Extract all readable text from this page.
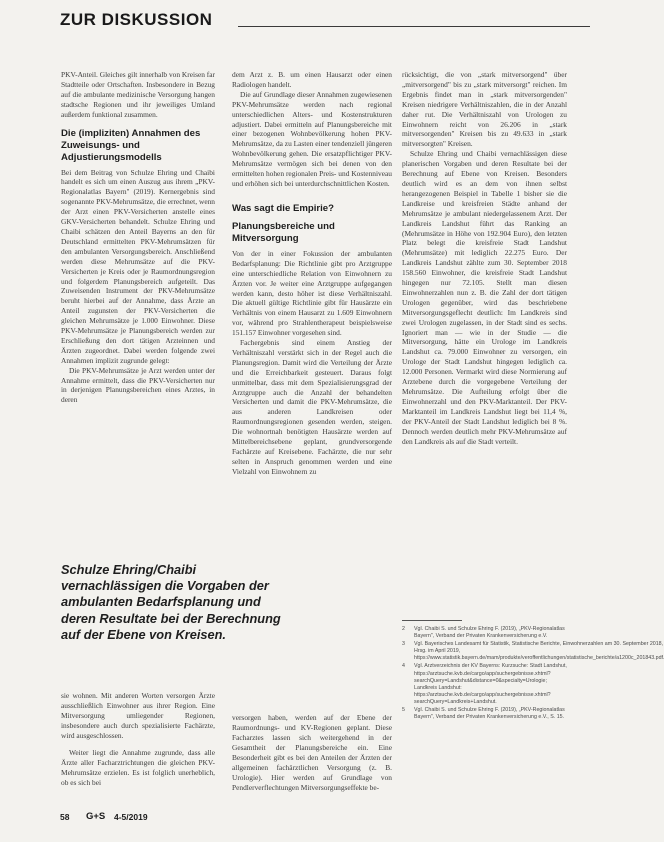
ZUR DISKUSSION

PKV-Anteil. Gleiches gilt innerhalb von Kreisen far Stadtteile oder Ortschaften. Insbesondere in Bezug auf die ambulante medizinische Versorgung hangen stadtsche Regionen und ihr jeweiliges Umland außerdem funktional zusammen.

Die (impliziten) Annahmen des Zuweisungs- und Adjustierungsmodells

Bei dem Beitrag von Schulze Ehring und Chaibi handelt es sich um einen Auszug aus ihrem „PKV-Regionalatlas Bayern" (2019). Kernergebnis sind sogenannte PKV-Mehrumsätze, die errechnet, wenn der Arzt einen PKV-Versicherten anstelle eines GKV-Versicherten behandelt. Schulze Ehring und Chaibi schätzen den Anteil Bayerns an den für Deutschland ermittelten PKV-Mehrumsätzen für den ambulanten Versorgungsbereich. Anschließend werden diese Mehrumsätze auf die PKV-Versicherten je Kreis oder je Raumordnungsregion und folgerdem Planungsbereich aufgeteilt. Das Zuweisenden Instrument der PKV-Mehrumsätze beruht hierbei auf der Annahme, dass Ärzte an Anteil zugunsten der PKV-Versicherten die gleichen Mehrumsätze je 1.000 Einwohner. Diese PKV-Mehrumsätze je Planungsbereich werden zur Erschließung den dort tätigen Arzteinnen und Ärzten zugeordnet. Dabei werden folgende zwei Annahmen implizit zugrunde gelegt:

Die PKV-Mehrumsätze je Arzt werden unter der Annahme ermittelt, dass die PKV-Versicherten nur in derjenigen Planungsbereichen eines Arztes, in deren

Schulze Ehring/Chaibi vernachlässigen die Vorgaben der ambulanten Bedarfsplanung und deren Resultate bei der Berechnung auf der Ebene von Kreisen.

sie wohnen. Mit anderen Worten versorgen Ärzte ausschließlich Einwohner aus ihrer Region. Eine Mitversorgung umliegender Regionen, insbesondere auch durch spezialisierte Fachärzte, wird ausgeschlossen.

Weiter liegt die Annahme zugrunde, dass alle Ärzte aller Facharztrichtungen die gleichen PKV-Mehrumsätze erzielen. Es ist folglich unerheblich, ob es sich bei

dem Arzt z. B. um einen Hausarzt oder einen Radiologen handelt.

Die auf Grundlage dieser Annahmen zugewiesenen PKV-Mehrumsätze werden nach regional unterschiedlichen Alters- und Kostenstrukturen adjustiert. Dabei ermitteln auf Planungsbereiche mit einer bezogenen Wohnbevölkerung hohen PKV-Mehrumsätze, da zu Lasten einer tendenziell jüngeren Wohnbevölkerung gehen. Die ersatzpflichtiger PKV-Mehrumsätze vermögen sich bei denen von den ermittelten hohen regionalen Preis- und Kostenniveau und erhöhen sich bei unterdurchschnittlichen Kosten.

Was sagt die Empirie?
Planungsbereiche und Mitversorgung

Von der in einer Fokussion der ambulanten Bedarfsplanung: Die Richtlinie gibt pro Arztgruppe eine unterschiedliche Relation von Einwohnern zu Ärzten vor. Je weiter eine Arztgruppe aufgegangen werden kann, desto höher ist diese Verhältniszahl. Die aktuell gültige Richtlinie gibt für Hausärzte ein Verhältnis von einem Hausarzt zu 1.609 Einwohnern vor, während pro Strahlentherapeut beispielsweise 151.157 Einwohner vorgesehen sind.

Fachergebnis sind einem Anstieg der Verhältniszahl verstärkt sich in der Regel auch die Planungsregion. Damit wird die Verteilung der Ärzte und die Erreichbarkeit gesteuert. Daraus folgt unmittelbar, dass mit dem Spezialisierungsgrad der Arztgruppe auch die Anzahl der behandelten Versicherten und damit die PKV-Mehrumsätze, die aus anderen Landkreisen oder Raumordnungsregionen gesenden werden, steigen. Die wohnortnah benötigten Hausärzte werden auf Mittelbereichsebene geplant, grundversorgende Fachärzte auf Kreisebene. Fachärzte, die nur sehr selten in Anspruch genommen werden und eine Vielzahl von Einwohnern zu

versorgen haben, werden auf der Ebene der Raumordnungs- und KV-Regionen geplant. Diese Facharztes lassen sich weitergehend in der Gesamtheit der Planungsbereiche ein. Eine Besonderheit gibt es bei den Anteilen der Ärzten der allgemeinen fachärztlichen Versorgung (z. B. Urologie). Hier werden auf Grundlage von Pendlerverflechtungen Mitversorgungseffekte be-

rücksichtigt, die von „stark mitversorgend" über „mitversorgend" bis zu „stark mitversorgt" reichen. Im Ergebnis findet man in „stark mitversorgenden" Kreisen niedrigere Verhältniszahlen, die in der Anzahl daher rut. Die Verhältniszahl von Urologen zu Einwohnern reicht von 26.206 in „stark mitversorgenden" Kreisen bis zu 49.633 in „stark mitversorgten" Kreisen.

Schulze Ehring und Chaibi vernachlässigen diese planerischen Vorgaben und deren Resultate bei der Berechnung auf Ebene von Kreisen. Besonders deutlich wird es an dem von ihnen selbst herangezogenen Beispiel in Tabelle 1 bisher sie die Landkreise und kreisfreien Städte anhand der Mehrumsätze je ambulant niedergelassenem Arzt. Der Landkreis Landshut führt das Ranking an (Mehrumsätze in Höhe von 192.904 Euro), den letzten Platz belegt die kreisfreie Stadt Landshut (Mehrumsätze) mit lediglich 22.275 Euro. Der Landkreis Landshut zählte zum 30. September 2018 158.560 Einwohner, die kreisfreie Stadt Landshut hingegen nur 72.105. Stellt man diesen Einwohnerzahlen nun z. B. die Zahl der dort tätigen Urologen gegenüber, wird das beschriebene Mitversorgungsgeflecht deutlich: Im Landkreis sind zwei Urologen zugelassen, in der Stadt sind es sechs. Ignoriert man — wie in der Studie — die Mitversorgung, hätte ein Urologe im Landkreis Landshut ca. 79.000 Einwohner zu versorgen, ein Urologe der Stadt Landshut hingegen lediglich ca. 12.000 Personen. Vermarkt wird diese Normierung auf Arztebene durch die vorgegebene Verteilung der Mehrumsätze. Die Aufteilung erfolgt über die Einwohnerzahl und den PKV-Marktanteil. Der PKV-Marktanteil im Landkreis Landshut liegt bei 11,4 %, der PKV-Anteil der Stadt Landshut lediglich bei 8 %. Dennoch werden deutlich mehr PKV-Mehrumsätze auf den Landkreis als auf die Stadt verteilt.

2	Vgl. Chaibi S. und Schulze Ehring F. (2019), „PKV-Regionalatlas Bayern", Verband der Privaten Krankenversicherung e.V.
3	Vgl. Bayerisches Landesamt für Statistik, Statistische Berichte, Einwohnerzahlen am 30. September 2018, Hrsg. im April 2019, https://www.statistik.bayern.de/mam/produkte/veroffentlichungen/statistische_berichte/a1200c_201843.pdf.
4	Vgl. Arztverzeichnis der KV Bayerns: Kurzsuche: Stadt Landshut, https://arztsuche.kvb.de/cargo/app/suchergebnisse.xhtml?searchQuery=Landshut&distance=0&specialty=Urologie; Landkreis Landshut: https://arztsuche.kvb.de/cargo/app/suchergebnisse.xhtml?searchQuery=Landkreis+Landshut.
5	Vgl. Chaibi S. und Schulze Ehring F. (2019), „PKV-Regionalatlas Bayern", Verband der Privaten Krankenversicherung e.V., S. 15.
58 G+S 4-5/2019
